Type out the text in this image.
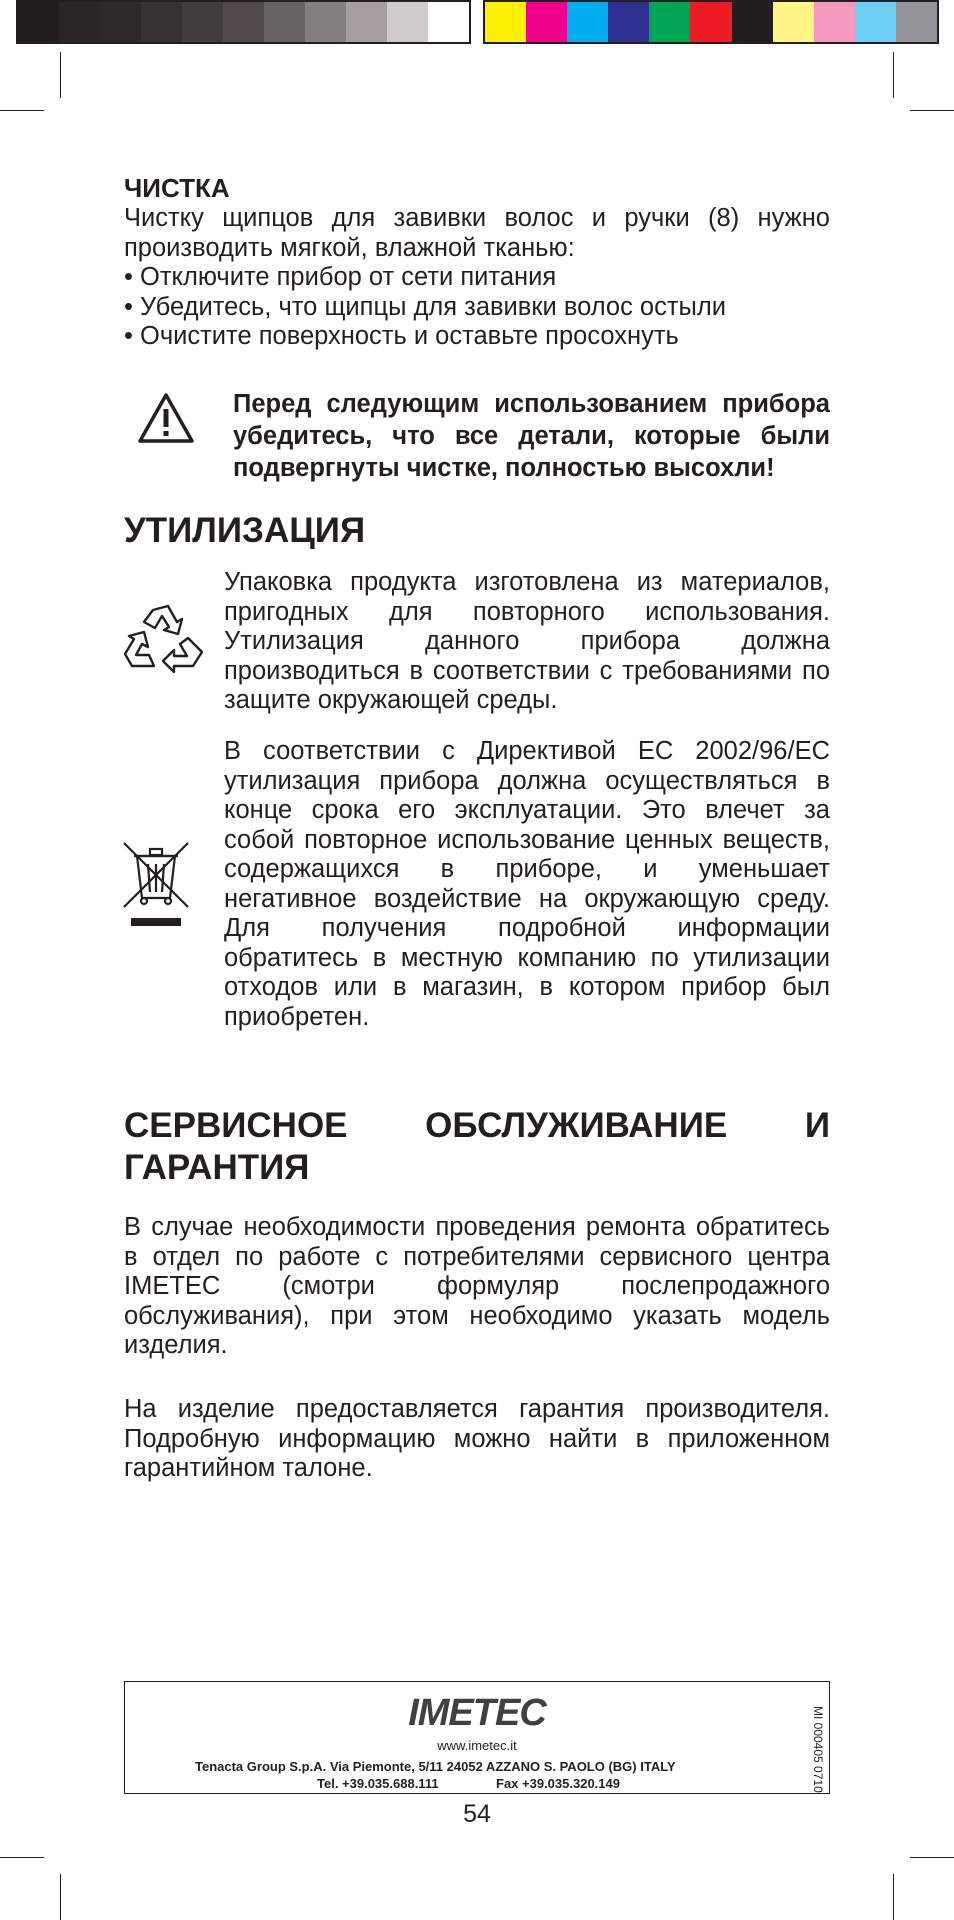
ЧИСТКА

Чистку щипцов для завивки волос и ручки (8) нужно производить мягкой, влажной тканью:

• Отключите прибор от сети питания

• Убедитесь, что щипцы для завивки волос остыли

• Очистите поверхность и оставьте просохнуть

Перед следующим использованием прибора убедитесь, что все детали, которые были подвергнуты чистке, полностью высохли!
УТИЛИЗАЦИЯ
Упаковка продукта изготовлена из материалов, пригодных для повторного использования. Утилизация данного прибора должна производиться в соответствии с требованиями по защите окружающей среды.
В соответствии с Директивой ЕС 2002/96/ЕС утилизация прибора должна осуществляться в конце срока его эксплуатации. Это влечет за собой повторное использование ценных веществ, содержащихся в приборе, и уменьшает негативное воздействие на окружающую среду. Для получения подробной информации обратитесь в местную компанию по утилизации отходов или в магазин, в котором прибор был приобретен.
СЕРВИСНОЕ ОБСЛУЖИВАНИЕ И
ГАРАНТИЯ
В случае необходимости проведения ремонта обратитесь в отдел по работе с потребителями сервисного центра IMETEC (смотри формуляр послепродажного обслуживания), при этом необходимо указать модель изделия.
На изделие предоставляется гарантия производителя. Подробную информацию можно найти в приложенном гарантийном талоне.
IMETEC
www.imetec.it
Tenacta Group S.p.A. Via Piemonte, 5/11 24052 AZZANO S. PAOLO (BG) ITALY
Tel. +39.035.688.111	Fax +39.035.320.149	MI 000405 0710
54
